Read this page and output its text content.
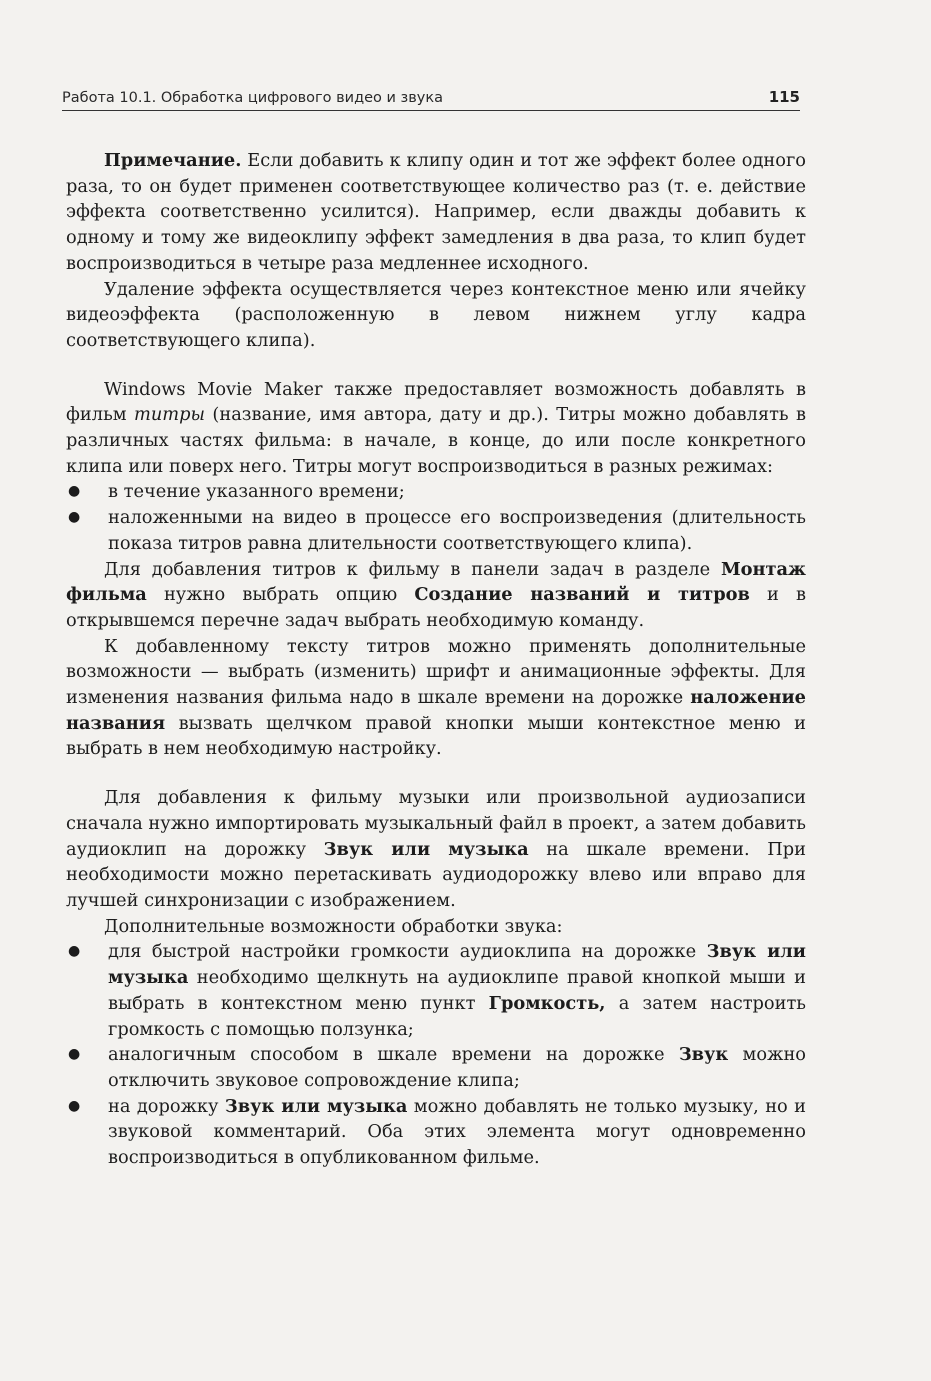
Работа 10.1. Обработка цифрового видео и звука	115

Примечание. Если добавить к клипу один и тот же эффект более одного раза, то он будет применен соответствующее количество раз (т. е. действие эффекта соответственно усилится). Например, если дважды добавить к одному и тому же видеоклипу эффект замедления в два раза, то клип будет воспроизводиться в четыре раза медленнее исходного.

Удаление эффекта осуществляется через контекстное меню или ячейку видеоэффекта (расположенную в левом нижнем углу кадра соответствующего клипа).

Windows Movie Maker также предоставляет возможность добавлять в фильм титры (название, имя автора, дату и др.). Титры можно добавлять в различных частях фильма: в начале, в конце, до или после конкретного клипа или поверх него. Титры могут воспроизводиться в разных режимах:

● в течение указанного времени;
● наложенными на видео в процессе его воспроизведения (длительность показа титров равна длительности соответствующего клипа).

Для добавления титров к фильму в панели задач в разделе Монтаж фильма нужно выбрать опцию Создание названий и титров и в открывшемся перечне задач выбрать необходимую команду.

К добавленному тексту титров можно применять дополнительные возможности — выбрать (изменить) шрифт и анимационные эффекты. Для изменения названия фильма надо в шкале времени на дорожке наложение названия вызвать щелчком правой кнопки мыши контекстное меню и выбрать в нем необходимую настройку.

Для добавления к фильму музыки или произвольной аудиозаписи сначала нужно импортировать музыкальный файл в проект, а затем добавить аудиоклип на дорожку Звук или музыка на шкале времени. При необходимости можно перетаскивать аудиодорожку влево или вправо для лучшей синхронизации с изображением.

Дополнительные возможности обработки звука:

● для быстрой настройки громкости аудиоклипа на дорожке Звук или музыка необходимо щелкнуть на аудиоклипе правой кнопкой мыши и выбрать в контекстном меню пункт Громкость, а затем настроить громкость с помощью ползунка;
● аналогичным способом в шкале времени на дорожке Звук можно отключить звуковое сопровождение клипа;
● на дорожку Звук или музыка можно добавлять не только музыку, но и звуковой комментарий. Оба этих элемента могут одновременно воспроизводиться в опубликованном фильме.
